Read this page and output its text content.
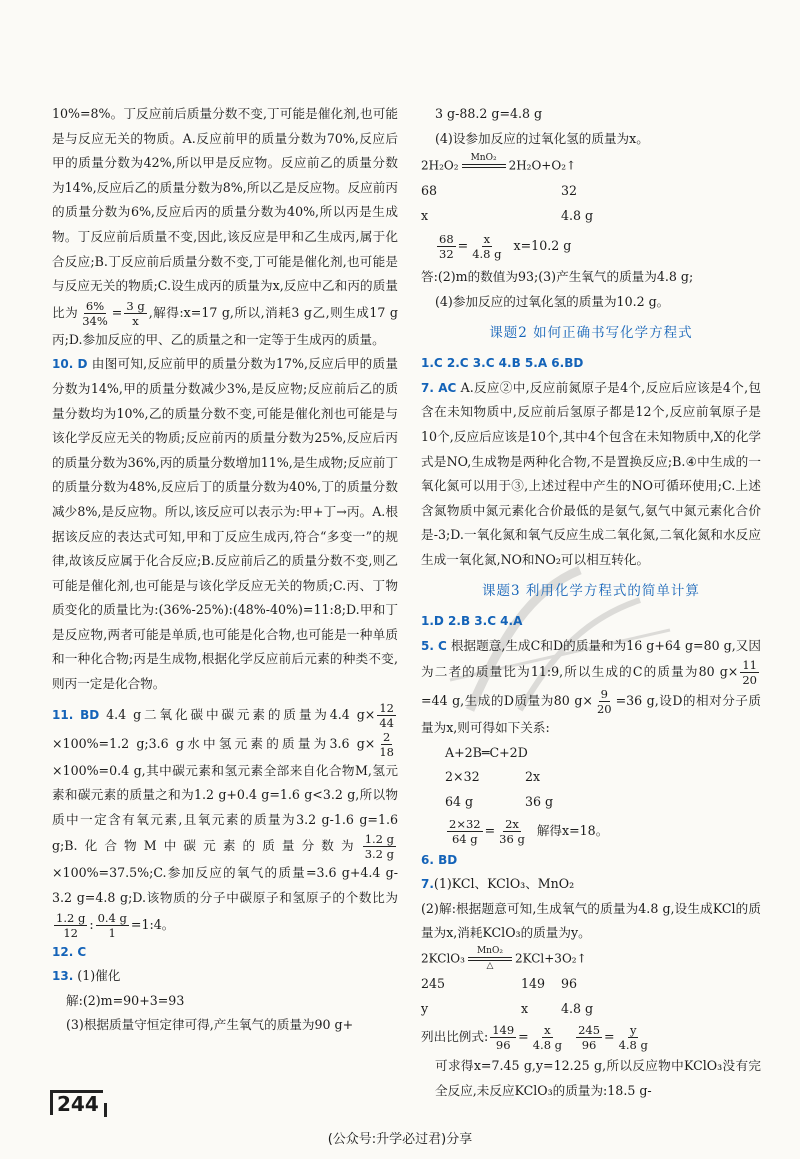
10%=8%。丁反应前后质量分数不变,丁可能是催化剂,也可能是与反应无关的物质。A.反应前甲的质量分数为70%,反应后甲的质量分数为42%,所以甲是反应物。反应前乙的质量分数为14%,反应后乙的质量分数为8%,所以乙是反应物。反应前丙的质量分数为6%,反应后丙的质量分数为40%,所以丙是生成物。丁反应前后质量不变,因此,该反应是甲和乙生成丙,属于化合反应;B.丁反应前后质量分数不变,丁可能是催化剂,也可能是与反应无关的物质;C.设生成丙的质量为x,反应中乙和丙的质量比为 $\frac{6\%}{34\%} = \frac{3 g}{x}$ ,解得:x=17 g,所以,消耗3 g乙,则生成17 g丙;D.参加反应的甲、乙的质量之和一定等于生成丙的质量。

10. D 由图可知,反应前甲的质量分数为17%,反应后甲的质量分数为14%,甲的质量分数减少3%,是反应物;反应前后乙的质量分数均为10%,乙的质量分数不变,可能是催化剂也可能是与该化学反应无关的物质;反应前丙的质量分数为25%,反应后丙的质量分数为36%,丙的质量分数增加11%,是生成物;反应前丁的质量分数为48%,反应后丁的质量分数为40%,丁的质量分数减少8%,是反应物。所以,该反应可以表示为:甲+丁→丙。A.根据该反应的表达式可知,甲和丁反应生成丙,符合“多变一”的规律,故该反应属于化合反应;B.反应前后乙的质量分数不变,则乙可能是催化剂,也可能是与该化学反应无关的物质;C.丙、丁物质变化的质量比为:(36%-25%):(48%-40%)=11:8;D.甲和丁是反应物,两者可能是单质,也可能是化合物,也可能是一种单质和一种化合物;丙是生成物,根据化学反应前后元素的种类不变,则丙一定是化合物。

11. BD 4.4 g二氧化碳中碳元素的质量为4.4 $g\times \frac{12}{44}$
×100%=1.2 g;3.6 g水中氢元素的质量为3.6 $g\times \frac{2}{18}$
×100%=0.4 g,其中碳元素和氢元素全部来自化合物M,氢元素和碳元素的质量之和为1.2 g+0.4 g=1.6 g<3.2 g,所以物质中一定含有氧元素,且氧元素的质量为3.2 g-1.6 g=1.6 g;B.化合物M中碳元素的质量分数为 $\frac{1.2 g}{3.2 g}$
×100%=37.5%;C.参加反应的氧气的质量=3.6 g+4.4 g-3.2 g=4.8 g;D.该物质的分子中碳原子和氢原子的个数比为
$\frac{1.2 g}{12}$ : $\frac{0.4 g}{1}$ =1:4。

12. C

13. (1)催化

解:(2)m=90+3=93

(3)根据质量守恒定律可得,产生氧气的质量为90 g+

3 g-88.2 g=4.8 g

(4)设参加反应的过氧化氢的质量为x。

2H₂O₂
MnO₂

2H₂O+O₂↑

68	32
x	4.8 g

$\frac{68}{32} = \frac{x}{4.8 g} x=10.2$ g

答:(2)m的数值为93;(3)产生氧气的质量为4.8 g;

(4)参加反应的过氧化氢的质量为10.2 g。

课题2 如何正确书写化学方程式

1.C 2.C 3.C 4.B 5.A 6.BD

7. AC A.反应②中,反应前氮原子是4个,反应后应该是4个,包含在未知物质中,反应前后氢原子都是12个,反应前氧原子是10个,反应后应该是10个,其中4个包含在未知物质中,X的化学式是NO,生成物是两种化合物,不是置换反应;B.④中生成的一氧化氮可以用于③,上述过程中产生的NO可循环使用;C.上述含氮物质中氮元素化合价最低的是氨气,氨气中氮元素化合价是-3;D.一氧化氮和氧气反应生成二氧化氮,二氧化氮和水反应生成一氧化氮,NO和NO₂可以相互转化。

课题3 利用化学方程式的简单计算

1.D 2.B 3.C 4.A

5. C 根据题意,生成C和D的质量和为16 g+64 g=80 g,又因为二者的质量比为11:9,所以生成的C的质量为80 $g\times \frac{11}{20}$
=44 g,生成的D质量为80 $g\times \frac{9}{20} =36$ g,设D的相对分子质量为x,则可得如下关系:

A+2B═C+2D

2×32	2x
64 g	36 g

$\frac{2\times 32}{64 g} = \frac{2x}{36 g}$ 解得x=18。

6. BD

7.(1)KCl、KClO₃、MnO₂

(2)解:根据题意可知,生成氧气的质量为4.8 g,设生成KCl的质量为x,消耗KClO₃的质量为y。

2KClO₃
MnO₂
△
2KCl+3O₂↑

245	149	96
y	x	4.8 g

列出比例式: $\frac{149}{96} = \frac{x}{4.8 g}$
$\frac{245}{96} = \frac{y}{4.8 g}$

可求得x=7.45 g,y=12.25 g,所以反应物中KClO₃没有完全反应,未反应KClO₃的质量为:18.5 g-

244
(公众号:升学必过君)分享
